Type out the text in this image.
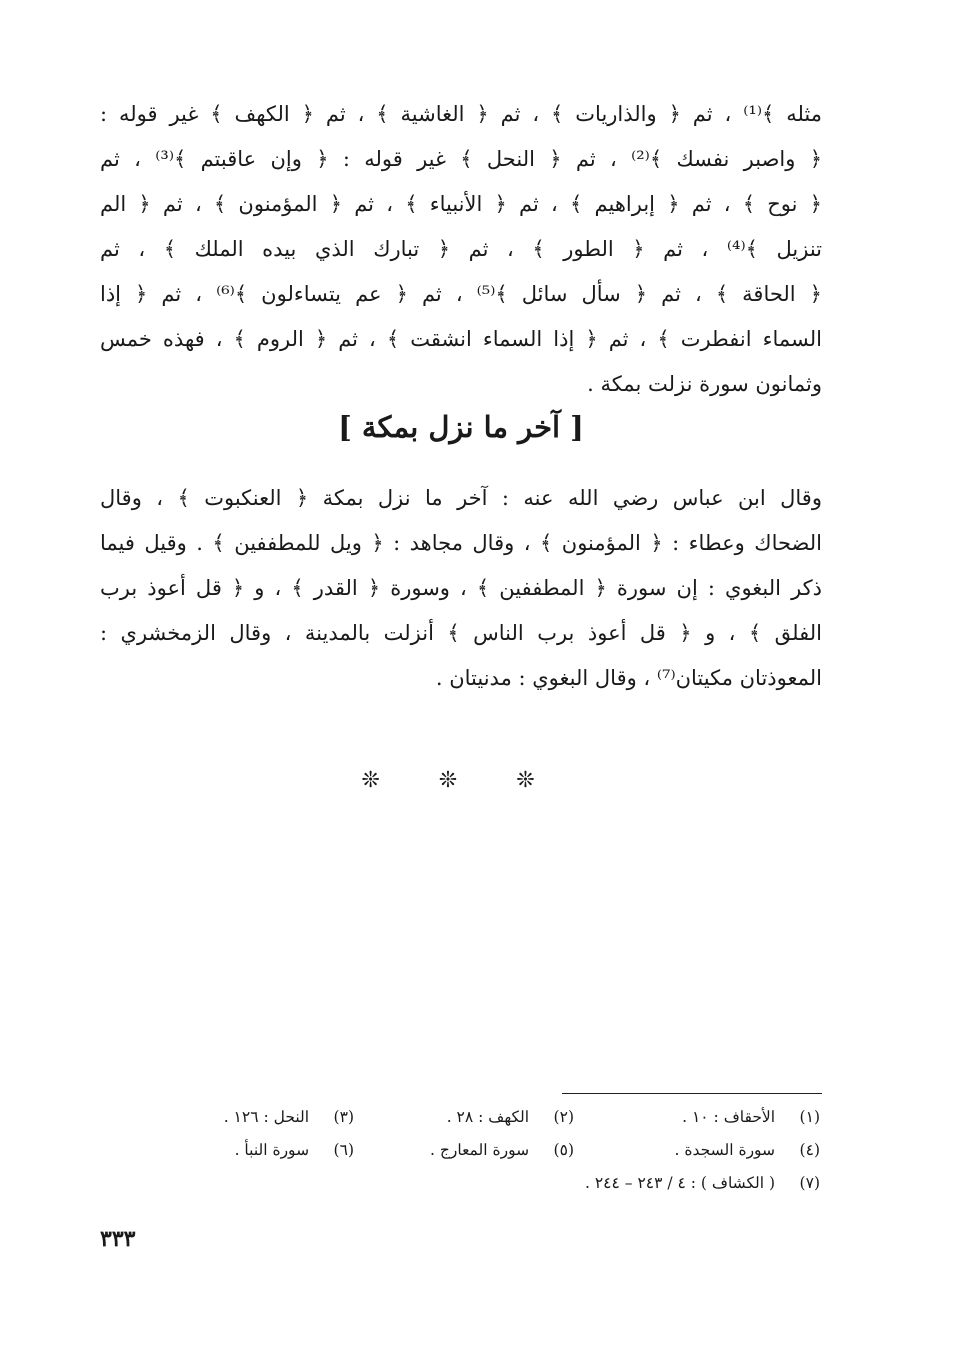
مثله ﴾⁽¹⁾ ، ثم ﴿ والذاريات ﴾ ، ثم ﴿ الغاشية ﴾ ، ثم ﴿ الكهف ﴾ غير قوله :
﴿ واصبر نفسك ﴾⁽²⁾ ، ثم ﴿ النحل ﴾ غير قوله : ﴿ وإن عاقبتم ﴾⁽³⁾ ، ثم
﴿ نوح ﴾ ، ثم ﴿ إبراهيم ﴾ ، ثم ﴿ الأنبياء ﴾ ، ثم ﴿ المؤمنون ﴾ ، ثم ﴿ الم
تنزيل ﴾⁽⁴⁾ ، ثم ﴿ الطور ﴾ ، ثم ﴿ تبارك الذي بيده الملك ﴾ ، ثم
﴿ الحاقة ﴾ ، ثم ﴿ سأل سائل ﴾⁽⁵⁾ ، ثم ﴿ عم يتساءلون ﴾⁽⁶⁾ ، ثم ﴿ إذا
السماء انفطرت ﴾ ، ثم ﴿ إذا السماء انشقت ﴾ ، ثم ﴿ الروم ﴾ ، فهذه خمس
وثمانون سورة نزلت بمكة .
[ آخر ما نزل بمكة ]
وقال ابن عباس رضي الله عنه : آخر ما نزل بمكة ﴿ العنكبوت ﴾ ، وقال
الضحاك وعطاء : ﴿ المؤمنون ﴾ ، وقال مجاهد : ﴿ ويل للمطففين ﴾ . وقيل فيما
ذكر البغوي : إن سورة ﴿ المطففين ﴾ ، وسورة ﴿ القدر ﴾ ، و ﴿ قل أعوذ برب
الفلق ﴾ ، و ﴿ قل أعوذ برب الناس ﴾ أنزلت بالمدينة ، وقال الزمخشري :
المعوذتان مكيتان⁽⁷⁾ ، وقال البغوي : مدنيتان .
❊ ❊ ❊
(١) الأحقاف : ١٠ .
(٢) الكهف : ٢٨ .
(٣) النحل : ١٢٦ .
(٤) سورة السجدة .
(٥) سورة المعارج .
(٦) سورة النبأ .
(٧) ( الكشاف ) : ٤ / ٢٤٣ – ٢٤٤ .
٣٣٣
